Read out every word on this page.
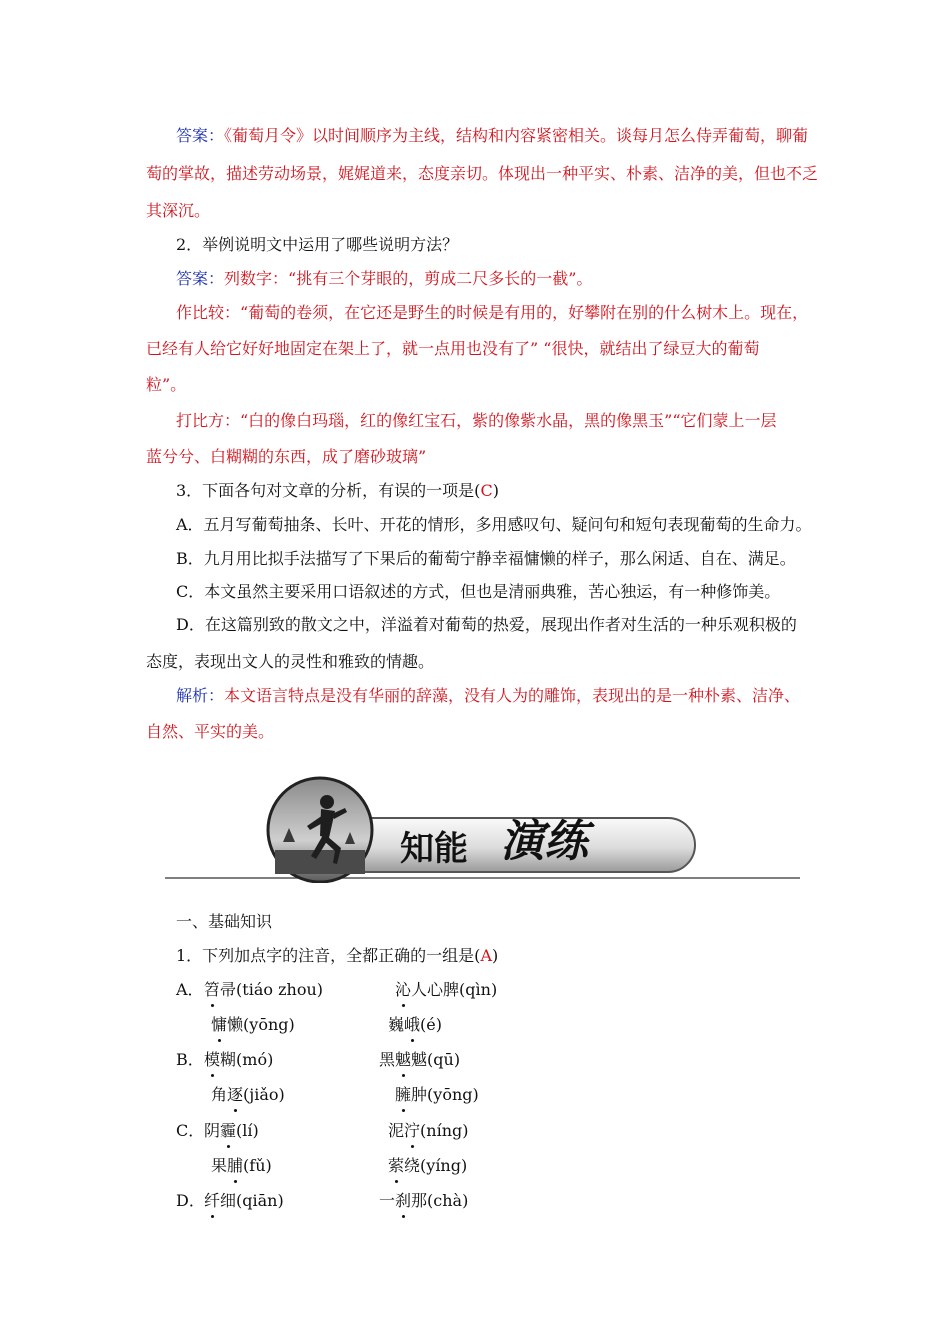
答案：《葡萄月令》以时间顺序为主线，结构和内容紧密相关。谈每月怎么侍弄葡萄，聊葡
萄的掌故，描述劳动场景，娓娓道来，态度亲切。体现出一种平实、朴素、洁净的美，但也不乏
其深沉。
2．举例说明文中运用了哪些说明方法？
答案：列数字：“挑有三个芽眼的，剪成二尺多长的一截”。
作比较：“葡萄的卷须，在它还是野生的时候是有用的，好攀附在别的什么树木上。现在，
已经有人给它好好地固定在架上了，就一点用也没有了” “很快，就结出了绿豆大的葡萄
粒”。
打比方：“白的像白玛瑙，红的像红宝石，紫的像紫水晶，黑的像黑玉”“它们蒙上一层
蓝兮兮、白糊糊的东西，成了磨砂玻璃”
3．下面各句对文章的分析，有误的一项是(C)
A．五月写葡萄抽条、长叶、开花的情形，多用感叹句、疑问句和短句表现葡萄的生命力。
B．九月用比拟手法描写了下果后的葡萄宁静幸福慵懒的样子，那么闲适、自在、满足。
C．本文虽然主要采用口语叙述的方式，但也是清丽典雅，苦心独运，有一种修饰美。
D．在这篇别致的散文之中，洋溢着对葡萄的热爱，展现出作者对生活的一种乐观积极的
态度，表现出文人的灵性和雅致的情趣。
解析：本文语言特点是没有华丽的辞藻，没有人为的雕饰，表现出的是一种朴素、洁净、
自然、平实的美。
知能 演练
一、基础知识
1．下列加点字的注音，全都正确的一组是(A)
A． 笤帚(tiáo zhou)	沁人心脾(qìn)
慵懒(yōng)	巍峨(é)
B． 模糊(mó)	黑魆魆(qū)
角逐(jiǎo)	臃肿(yōng)
C． 阴霾(lí)	泥泞(níng)
果脯(fǔ)	萦绕(yíng)
D． 纤细(qiān)	一刹那(chà)
